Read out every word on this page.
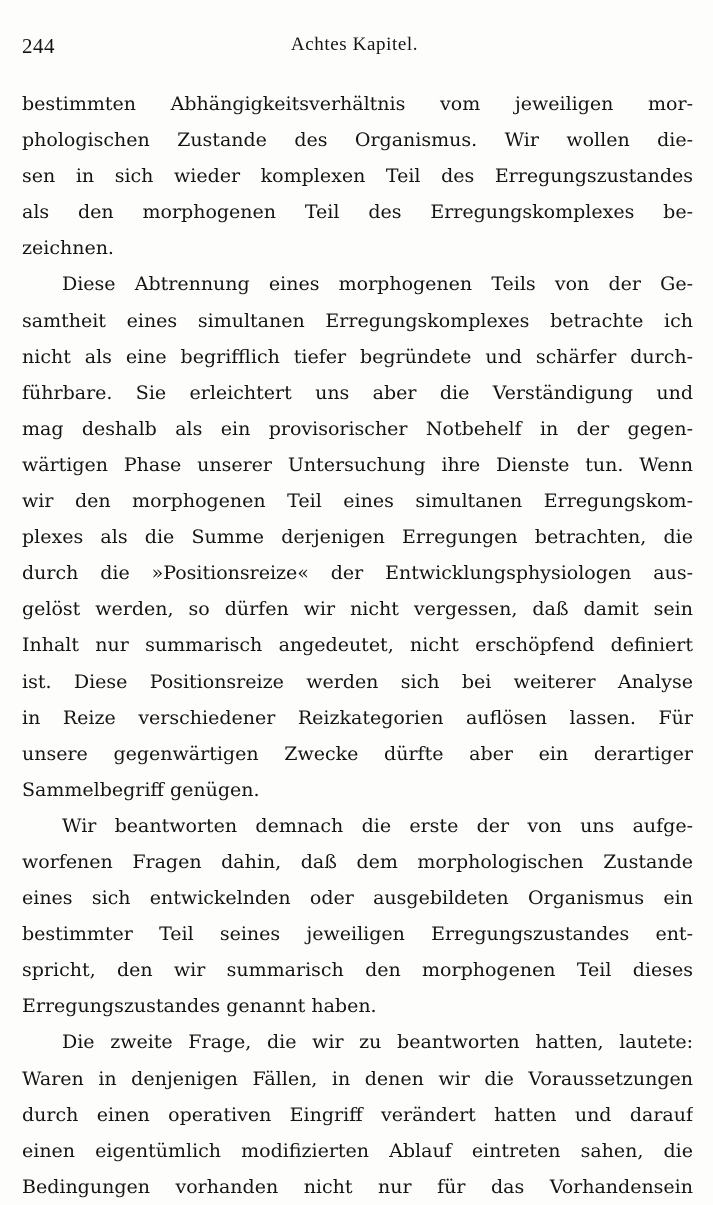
244	Achtes Kapitel.
bestimmten Abhängigkeitsverhältnis vom jeweiligen mor-
phologischen Zustande des Organismus. Wir wollen die-
sen in sich wieder komplexen Teil des Erregungszustandes
als den morphogenen Teil des Erregungskomplexes be-
zeichnen.
Diese Abtrennung eines morphogenen Teils von der Ge-
samtheit eines simultanen Erregungskomplexes betrachte ich
nicht als eine begrifflich tiefer begründete und schärfer durch-
führbare. Sie erleichtert uns aber die Verständigung und
mag deshalb als ein provisorischer Notbehelf in der gegen-
wärtigen Phase unserer Untersuchung ihre Dienste tun. Wenn
wir den morphogenen Teil eines simultanen Erregungskom-
plexes als die Summe derjenigen Erregungen betrachten, die
durch die »Positionsreize« der Entwicklungsphysiologen aus-
gelöst werden, so dürfen wir nicht vergessen, daß damit sein
Inhalt nur summarisch angedeutet, nicht erschöpfend definiert
ist. Diese Positionsreize werden sich bei weiterer Analyse
in Reize verschiedener Reizkategorien auflösen lassen. Für
unsere gegenwärtigen Zwecke dürfte aber ein derartiger
Sammelbegriff genügen.
Wir beantworten demnach die erste der von uns aufge-
worfenen Fragen dahin, daß dem morphologischen Zustande
eines sich entwickelnden oder ausgebildeten Organismus ein
bestimmter Teil seines jeweiligen Erregungszustandes ent-
spricht, den wir summarisch den morphogenen Teil dieses
Erregungszustandes genannt haben.
Die zweite Frage, die wir zu beantworten hatten, lautete:
Waren in denjenigen Fällen, in denen wir die Voraussetzungen
durch einen operativen Eingriff verändert hatten und darauf
einen eigentümlich modifizierten Ablauf eintreten sahen, die
Bedingungen vorhanden nicht nur für das Vorhandensein
